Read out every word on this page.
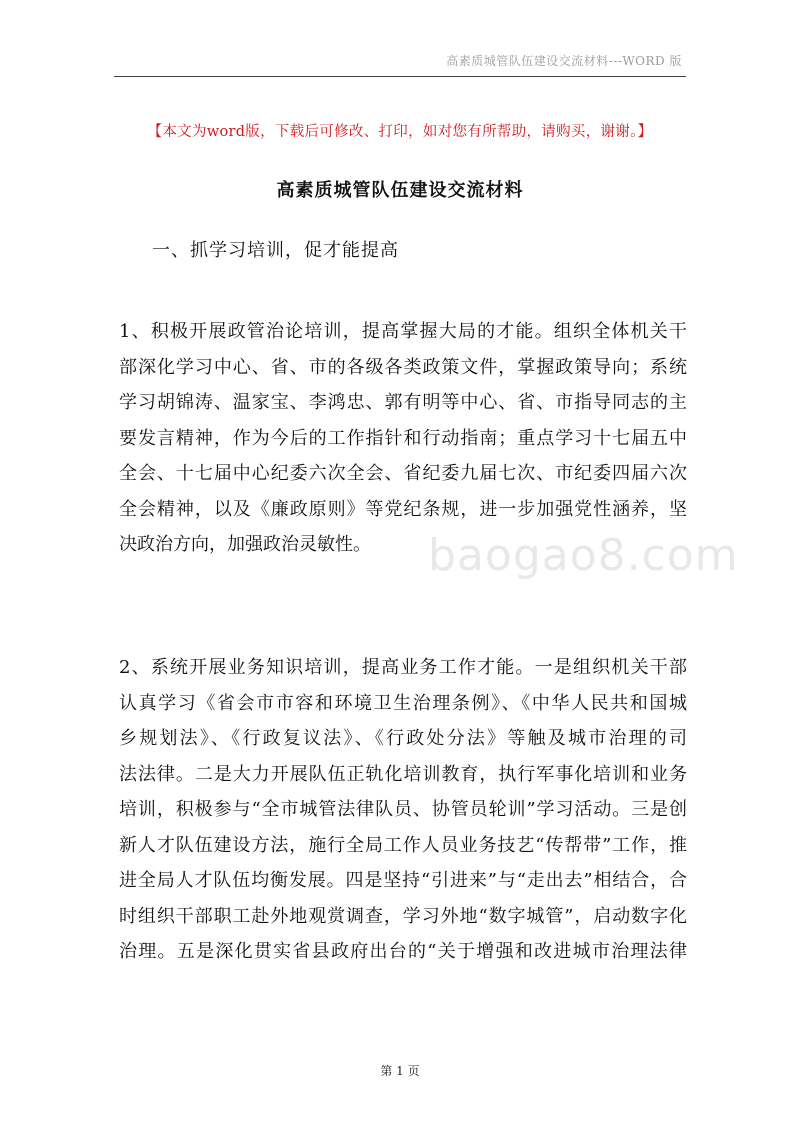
高素质城管队伍建设交流材料---WORD 版
【本文为word版，下载后可修改、打印，如对您有所帮助，请购买，谢谢。】
高素质城管队伍建设交流材料
一、抓学习培训，促才能提高
1、积极开展政管治论培训，提高掌握大局的才能。组织全体机关干
部深化学习中心、省、市的各级各类政策文件，掌握政策导向；系统
学习胡锦涛、温家宝、李鸿忠、郭有明等中心、省、市指导同志的主
要发言精神，作为今后的工作指针和行动指南；重点学习十七届五中
全会、十七届中心纪委六次全会、省纪委九届七次、市纪委四届六次
全会精神，以及《廉政原则》等党纪条规，进一步加强党性涵养，坚
决政治方向，加强政治灵敏性。	baogao8.com
2、系统开展业务知识培训，提高业务工作才能。一是组织机关干部
认真学习《省会市市容和环境卫生治理条例》、《中华人民共和国城
乡规划法》、《行政复议法》、《行政处分法》等触及城市治理的司
法法律。二是大力开展队伍正轨化培训教育，执行军事化培训和业务
培训，积极参与“全市城管法律队员、协管员轮训”学习活动。三是创
新人才队伍建设方法，施行全局工作人员业务技艺“传帮带”工作，推
进全局人才队伍均衡发展。四是坚持“引进来”与“走出去”相结合，合
时组织干部职工赴外地观赏调查，学习外地“数字城管”，启动数字化
治理。五是深化贯实省县政府出台的“关于增强和改进城市治理法律
第 1 页
